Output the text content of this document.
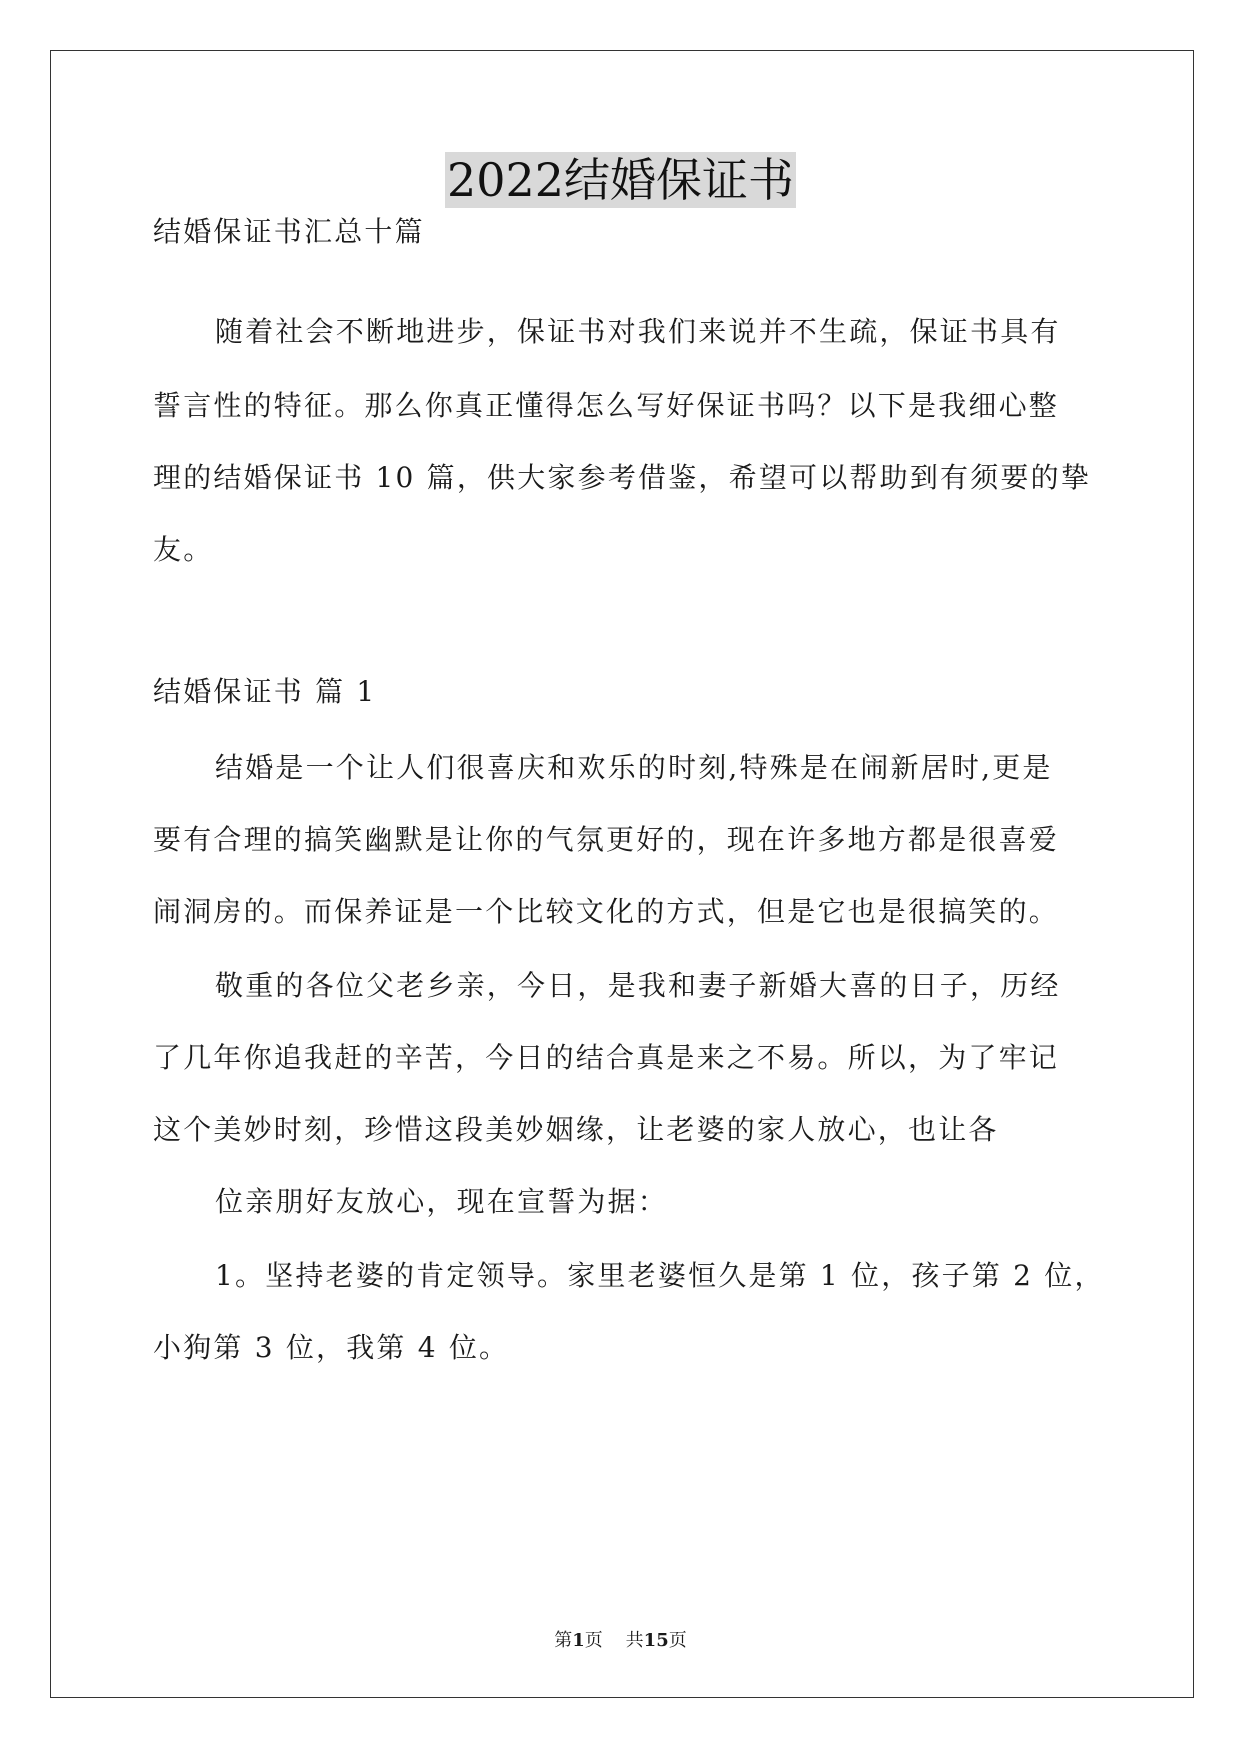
2022结婚保证书
结婚保证书汇总十篇
随着社会不断地进步，保证书对我们来说并不生疏，保证书具有
誓言性的特征。那么你真正懂得怎么写好保证书吗？以下是我细心整
理的结婚保证书 10 篇，供大家参考借鉴，希望可以帮助到有须要的挚
友。
结婚保证书 篇 1
结婚是一个让人们很喜庆和欢乐的时刻,特殊是在闹新居时,更是
要有合理的搞笑幽默是让你的气氛更好的，现在许多地方都是很喜爱
闹洞房的。而保养证是一个比较文化的方式，但是它也是很搞笑的。
敬重的各位父老乡亲，今日，是我和妻子新婚大喜的日子，历经
了几年你追我赶的辛苦，今日的结合真是来之不易。所以，为了牢记
这个美妙时刻，珍惜这段美妙姻缘，让老婆的家人放心，也让各
位亲朋好友放心，现在宣誓为据：
1。坚持老婆的肯定领导。家里老婆恒久是第 1 位，孩子第 2 位，
小狗第 3 位，我第 4 位。
第1页    共15页
